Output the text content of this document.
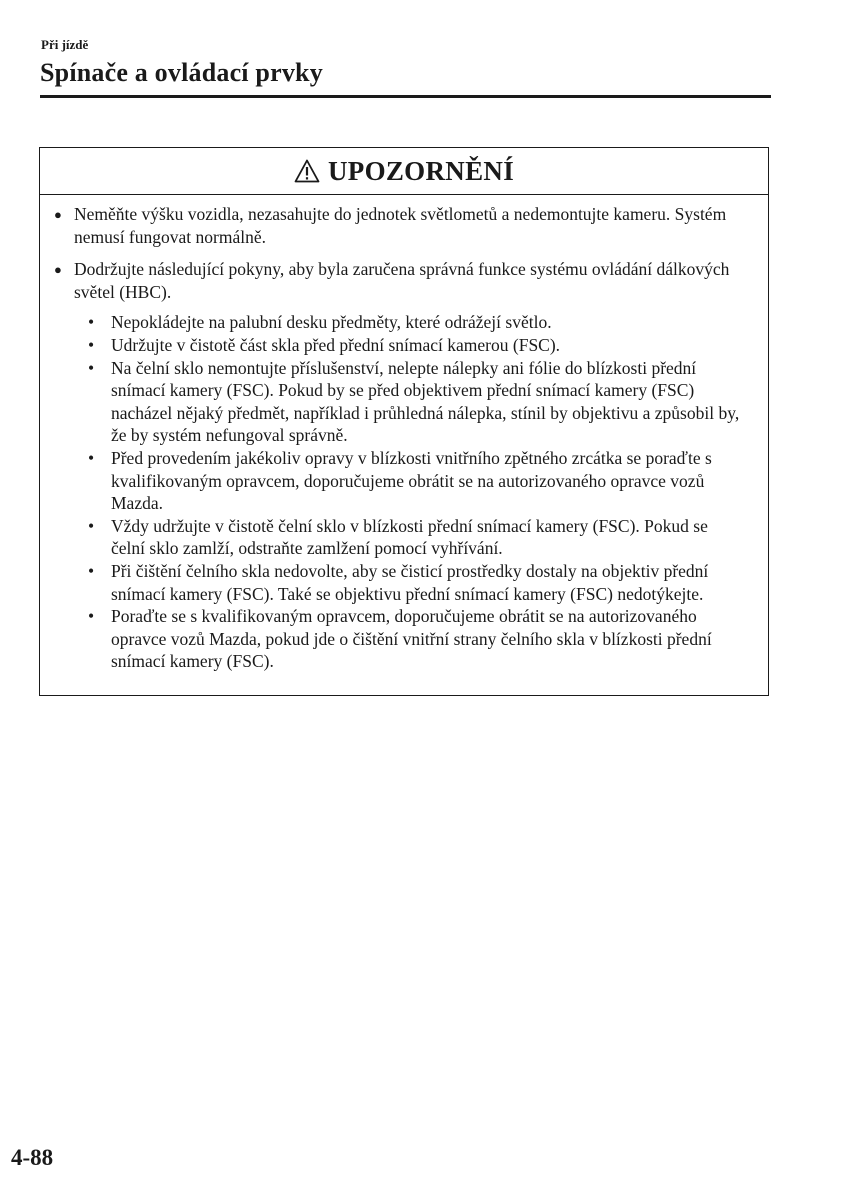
Při jízdě
Spínače a ovládací prvky
UPOZORNĚNÍ
● Neměňte výšku vozidla, nezasahujte do jednotek světlometů a nedemontujte kameru. Systém nemusí fungovat normálně.
● Dodržujte následující pokyny, aby byla zaručena správná funkce systému ovládání dálkových světel (HBC).
• Nepokládejte na palubní desku předměty, které odrážejí světlo.
• Udržujte v čistotě část skla před přední snímací kamerou (FSC).
• Na čelní sklo nemontujte příslušenství, nelepte nálepky ani fólie do blízkosti přední snímací kamery (FSC). Pokud by se před objektivem přední snímací kamery (FSC) nacházel nějaký předmět, například i průhledná nálepka, stínil by objektivu a způsobil by, že by systém nefungoval správně.
• Před provedením jakékoliv opravy v blízkosti vnitřního zpětného zrcátka se poraďte s kvalifikovaným opravcem, doporučujeme obrátit se na autorizovaného opravce vozů Mazda.
• Vždy udržujte v čistotě čelní sklo v blízkosti přední snímací kamery (FSC). Pokud se čelní sklo zamlží, odstraňte zamlžení pomocí vyhřívání.
• Při čištění čelního skla nedovolte, aby se čisticí prostředky dostaly na objektiv přední snímací kamery (FSC). Také se objektivu přední snímací kamery (FSC) nedotýkejte.
• Poraďte se s kvalifikovaným opravcem, doporučujeme obrátit se na autorizovaného opravce vozů Mazda, pokud jde o čištění vnitřní strany čelního skla v blízkosti přední snímací kamery (FSC).
4-88
